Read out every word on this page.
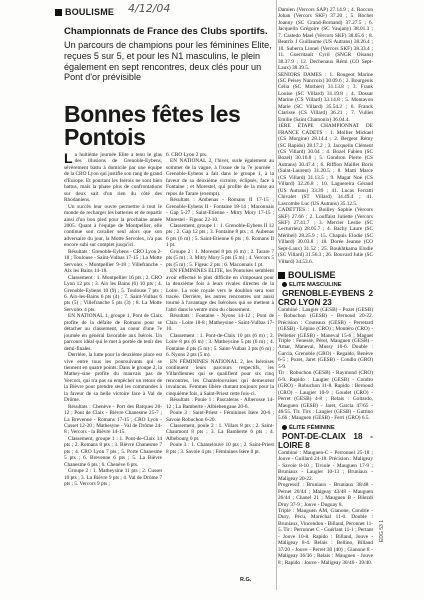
BOULISME 4/12/04
Championnats de France des Clubs sportifs.
Un parcours de champions pour les féminines Elite, reçues 5 sur 5, et pour les N1 masculins, le plein également en sept rencontres, deux clés pour un Pont d'or prévisible
Bonnes fêtes les Pontois

La huitième journée Elite a tenu le glas des illusions de Grenoble-Eybens, sévèrement battu à domicile par une équipe de la CRO Lyon qui justifie son rang de grand d'Europe. Et pourtant les Isérois ne sont bien battus, mais la phase plus de confrontations sur deux sait d'un rien du côté des Rhodaniens.

Un succès leur ouvre permettre à tout le monde de recharger les batteries et de repartir ainsi d'un bon pied pour la prochaine année 2005. Quant à l'équipe de Montpellier, elle continue son cavalier seul alors que son adversaire du jour, la Motte Servolex, n'a pas encore subi sur complet jusqu'ici.

Résultats : Grenoble-Eybens - CRO Lyon 2-18 ; Toulouse - Saint-Vulbas 17-15 ; La Motte Servolex - Montpellier 9-18 ; Villefranche - Aix les Bains 14-18.

Classement : 1. Montpellier 16 pts ; 2. CRO Lyon 12 pts ; 3. Aix les Bains (6) 10 pts ; 4. Grenoble-Eybens 10 (9) ; 5. Toulouse 7 pts ; 6. Aix-les-Bains 6 pts (4) ; 7. Saint-Vulbas 6 pts (5) ; Villefranche 5 pts (3) ; 8. La Motte Servolex 4 pts.

EN NATIONAL 1, groupe 1, Pont de Claix profite de la défaite de Romans pour se détacher au classement, au coeur d'une 7e journée en général favorable aux Isérois. Un parcours idéal qui le met à portée de tenir des demi-finales.

Derrière, la lutte pour la deuxième place est vive entre tous les poursuivants qui se tiennent en quatre points. Dans le groupe 2, la Mathey-sine profite du mauvais pas de Vercors, qui n'a pas su empêcher un retour de la Bièvre pour prendre seul les commandes à la faveur de sa belle victoire face à Val de Drôme.

Résultats : Chenève - Port des Barques 20-12 ; Pont de Claix - Bièvre Chanesme 25-7 ; La Brevenne - Romans 17-15 ; CRO Lyon - Cusset 12-20 ; Mathesyne - Val de Drôme 24-8 ; Vercors - la Bièvre 14-15.

Classement, groupe 1 : 1. Pont-de-Claix 14 pts ; 2. Romans 8 pts ; 3. Bièvre Chanesme 7 pts ; 4. CRO Lyon 7 pts ; 5. Porte Chanesme 5 pts ; 6. Brevenne 6 pts ; 5. La Bièvre Chanesme 6 pts ; 6. Chenève 6 pts.

Groupe 2 : 1. Matheysine 11 pts ; 2. Cusset 10 pts ; 3. La Bièvre 9 pts ; 4. Val de Drôme 7 pts ; 5. Vercors 9 pts ;

6. CRO Lyon 2 pts.

EN NATIONAL 2, l'hiver, surle également au sommet de la vague, à l'issue de la 7e journée : Grenoble-Eybens a fait dans le groupe 1, à la faveur de sa deuxième victoire, éclipsés, face à Fontaine ; et Morestel, qui profite de la mise au repos de Tarare (exempt).

Résultats : Ambenas - Romans II 17-15 ; Grenoble-Eybens II - Fontaine 18-14 ; Maconnais - Gap 5-27 ; Saint-Etienne - Mitry Mory 17-15 ; Morestel - Figeac 22-10.

Classement, groupe 1 : 1. Grenoble-Eybens II 12 pts ; 2. Gap 12 pts ; 3. Fontaine 8 pts ; 4. Aubenas 6 pts (6 m) ; 5. Saint-Etienne 6 pts ; 6. Romans II 1 pt.

Groupe 2 : 1. Morestel 8 pts (6 m) ; 2. Tarare 7 pts (5 m) ; 3. Mitry Mory 5 pts (5 m) ; 4. Vercors 5 pts (5 m) ; 5. Figeac 2 pts ; 6. Maconnais 1 pt.

EN FÉMININES ELITE, les Pontoises semblent avoir effectué le plus difficile en s'imposant pour la deuxième fois à leurs rivales directes de la Loire. La voie royale vers le doublon sera tout tracée. Derrière, les autres rencontres ont aussi tourné à l'avantage des Iséroises qui se mettent à l'abri dans le ventre mou du classement.

Résultats : Fontaine - Nyons 14-12 ; Pont de Claix - Loire 18-8 ; Matheysine - Saint-Vulbas 17-10.

Classement : 1. Pont-de-Claix 10 pts (6 m) ; 2. Loire 8 pts (6 m) ; 3. Matheysine 5 pts (6 m) ; 4. Fontaine 4 pts (5 m) ; 5. Saint-Vulbas 3 pts (6 m) ; 6. Nyons 2 pts (5 m).

EN FÉMININES NATIONAL 2, les Iséroises continuent leurs parcours respectifs, les Villardiennes qui se qualifient pour six cinq rencontres, les Chantelouvaises qui demeurent invaincus. Femmes libère chutant toujours pour la cinquième fois, à Saint-Priest cette fois-ci.

Résultats : Poule 1 : Pascaleras - Alberosse 14-12 ; La Bamberte - Albiebengaue 20-6.

Poule 3 : Saint-Priest - Féminines Isère 20-6 ; Savoie Robuchon 6-20.

Classement, poule 2 : 1. Villars 8 pts ; 2. Saint-Chaumont 8 pts ; 3. La Bamberte 6 pts ; 4. Albebourg 0 pt.

Poule 3 : 1. Chantelouve 10 pts ; 2. Saint-Priest 8 pts ; 3. Savoie 4 pts ; Féminines Isère 0 pt.

R.G.

Damien (Vercors SAP) 27.14.9 ; 4. Roccon Johan (Vercors SKF) 37.20 ; 5. Rochet Joanny (SC Grand-Bornand) 37.27.5 ; 6. Jacquelin Grégoire (SC Vaujany) 38.01.3 ; 7. Castedo Mael (Vercors SKF) 38.05.6 ; 8. Beatrix J Guillaume (US Autrans) 38.26.4 ; 10. Suberra Lionel (Vercors SKF) 38.33.4 ; 11. Guerritault Cyril (SNGR Oisans) 38.37.9 ; 12. Dechenaux Rémi (CO Sept-Laux) 38.39.5.

SENIORS DAMES : 1. Rougeot Marine (SC Peisey Nancroix) 30.09.6 ; 2. Bourgeois Célia (SC Morbier) 31.13.8 ; 3. Frank Louise (SC Villard) 31.19.8 ; 4. Dossar Marine (CS Villard) 33.14.8 ; 5. Montavon Marie (SC Villard) 35.54.2 ; 6. Franck Clarisse (CS Villard) 36.21 ; 7. Vulliet Emilie (Saint Chamonix) 36.04.4.

1ÈRE ÉTAPE CHAMPIONNAT DE FRANCE CADETS : 1. Mollier Mickael (CS Morgine) 28.14.4 ; 2. Bergeot Rémy (SC Rapido) 28.17.2 ; 3. Jacquelin Clément (CS Villard) 30.04 ; 4. Bozel Fabien (SC Bozel) 30.16.8 ; 5. Gondron Pierre (CS Autrans) 30.47.4 ; 6. Rifflon Maillet Boris (Saint-Laurent) 31.20.5 ; 8. Matti Marce (CS Villard) 31.13.5 ; 9. Magat Noé (CS Villard) 32.26.8 ; 10. Laguereira Géraud (US Autrans) 33.39 ; 41. Lucas Ferratti Chivalet (ST Villard) 34.49.4 ; 41. Lascombe Luc (US Autrans) 35.12.5.

CADETTES : 1. Boilley Sophie (Vercors SKF) 27.66 ; 2. Louffaist Juliette (Vercors SKF) 27.41.7 ; 3. Mercier Leslie (SC Lecturrieu) 28.05.7 ; 4. Bachy Laure (SC Méribel) 28.25.9 ; 15. Chapuis Elodie (SC Villard) 30.03.8 ; 18. Dorée Jeanne (CO Sept-Laux) 31.52 ; 25. Boukhtkama Elodie (SC Villard) 31.56.3 ; 26. Bouvard Julie (SC Villard) 34.53.6.

BOULISME

ÉLITE MASCULINE

GRENOBLE-EYBENS 2 CRO LYON 23

Combiné : Laugier (GESB) - Pozet (GESB) - Robuchon (GESB) - Bernoud 20-22. Précision : Couteaux (GESB) - Perretard (GESB) - Lépine (CRO) ; Montéro (CRO) - Pelletier (GESB) - Maneval 15-6 ; Maguet

Triple : Fenesse, Pérel, Mauguen (GESB) - Amar, Maneval, Mussy 10-6. Double : Garcia, Grenoble (GRO) - Regaldo, Benève 6-5 ; Pozet, Jaret (GESB) - Condlo (GRO) 5-9.

Tir : Robuchon (GESB) - Raymond (CRO) 6-9. Rapido : Laugier (GESB) - Condro (GRO) - Robuchon 11-8. Rapido : Bernoud (CRO) - Laugier 10-9 ; Goudet (CRO) - Perret (GESB) 4-8 ; Relais : Goltardo, Mauguen (GESB) - Jaret, Garcia 47/65 - 46/55. Tir. Tirs : Laugier (GESB) - Guttino 5.66 ; Mauguen (GESB) - Ferri (GRO) 6.5.

ÉLITE FÉMININE

PONT-DE-CLAIX 18 - LOIRE 8

Combiné : Mauguen-C - Perronnel 25-18 ; Jouve - Guillard 24-18. Précision : Maligeay - Savoie 8-10 ; Tiviole - Mauguen 17-9 ; Bruniaux - Laugier 10-13 ; Bruniaux - Maligeay 20-22.

Progressif : Bruniaux - Bruniaux 38/48 - Pernet 26/44 ; Maigeay 43/48 - Mauguen 26/44 ; Chanel 21 ; Mauguen B - Bilezdi Druy 37-9 ; Jouve - Duguay 8.

Triple : Mauguen AM, Gianone, Condrie - Dury, Pécu, Maréchal 11-0. Double : Bruniaux, Vincendon - Billaud, Peronnet 11-5. Tir : Perronnet C - Guérlant 11-1 ; Pertant - Jouve 10-8. Rapido : Billand, Jouve - Maligeay 8-4. Relais : Bellino, Billaud 37/20 - Jouve - Perret 30 (40) ; Gianone 8 - Maligeay 36/36 ; Relais : Mauguen - Jouve 8 ; Rapido : Jouve - Maligeay 30/40 - 39/40.

EDG 53 1
